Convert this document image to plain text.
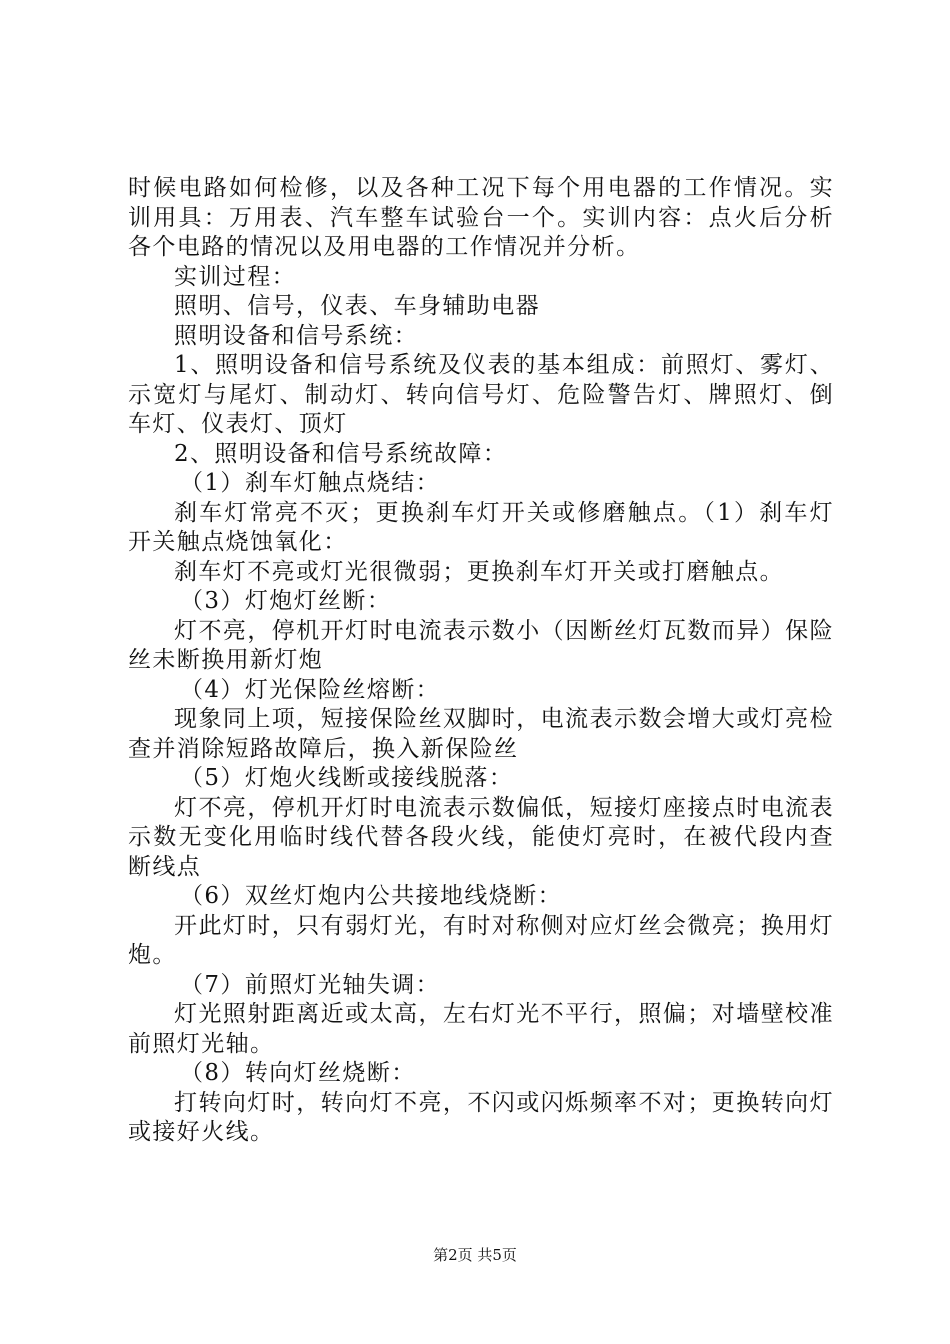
时候电路如何检修，以及各种工况下每个用电器的工作情况。实训用具：万用表、汽车整车试验台一个。实训内容：点火后分析各个电路的情况以及用电器的工作情况并分析。

实训过程：

照明、信号，仪表、车身辅助电器

照明设备和信号系统：

1、照明设备和信号系统及仪表的基本组成：前照灯、雾灯、示宽灯与尾灯、制动灯、转向信号灯、危险警告灯、牌照灯、倒车灯、仪表灯、顶灯

2、照明设备和信号系统故障：

（1）刹车灯触点烧结：

刹车灯常亮不灭；更换刹车灯开关或修磨触点。（1）刹车灯开关触点烧蚀氧化：

刹车灯不亮或灯光很微弱；更换刹车灯开关或打磨触点。

（3）灯炮灯丝断：

灯不亮，停机开灯时电流表示数小（因断丝灯瓦数而异）保险丝未断换用新灯炮

（4）灯光保险丝熔断：

现象同上项，短接保险丝双脚时，电流表示数会增大或灯亮检查并消除短路故障后，换入新保险丝

（5）灯炮火线断或接线脱落：

灯不亮，停机开灯时电流表示数偏低，短接灯座接点时电流表示数无变化用临时线代替各段火线，能使灯亮时，在被代段内查断线点

（6）双丝灯炮内公共接地线烧断：

开此灯时，只有弱灯光，有时对称侧对应灯丝会微亮；换用灯炮。

（7）前照灯光轴失调：

灯光照射距离近或太高，左右灯光不平行，照偏；对墙壁校准前照灯光轴。

（8）转向灯丝烧断：

打转向灯时，转向灯不亮，不闪或闪烁频率不对；更换转向灯或接好火线。

第2页 共5页
